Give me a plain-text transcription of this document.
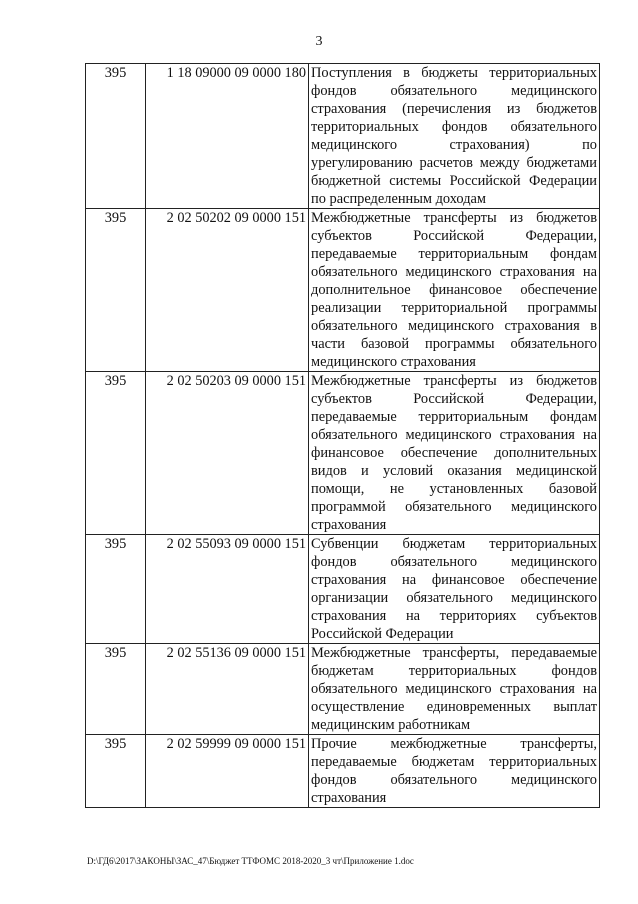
3
395	1 18 09000 09 0000 180	Поступления в бюджеты территориальных фондов обязательного медицинского страхования (перечисления из бюджетов территориальных фондов обязательного медицинского страхования) по урегулированию расчетов между бюджетами бюджетной системы Российской Федерации по распределенным доходам
395	2 02 50202 09 0000 151	Межбюджетные трансферты из бюджетов субъектов Российской Федерации, передаваемые территориальным фондам обязательного медицинского страхования на дополнительное финансовое обеспечение реализации территориальной программы обязательного медицинского страхования в части базовой программы обязательного медицинского страхования
395	2 02 50203 09 0000 151	Межбюджетные трансферты из бюджетов субъектов Российской Федерации, передаваемые территориальным фондам обязательного медицинского страхования на финансовое обеспечение дополнительных видов и условий оказания медицинской помощи, не установленных базовой программой обязательного медицинского страхования
395	2 02 55093 09 0000 151	Субвенции бюджетам территориальных фондов обязательного медицинского страхования на финансовое обеспечение организации обязательного медицинского страхования на территориях субъектов Российской Федерации
395	2 02 55136 09 0000 151	Межбюджетные трансферты, передаваемые бюджетам территориальных фондов обязательного медицинского страхования на осуществление единовременных выплат медицинским работникам
395	2 02 59999 09 0000 151	Прочие межбюджетные трансферты, передаваемые бюджетам территориальных фондов обязательного медицинского страхования
D:\ГД6\2017\ЗАКОНЫ\ЗАС_47\Бюджет ТТФОМС 2018-2020_3 чт\Приложение 1.doc
